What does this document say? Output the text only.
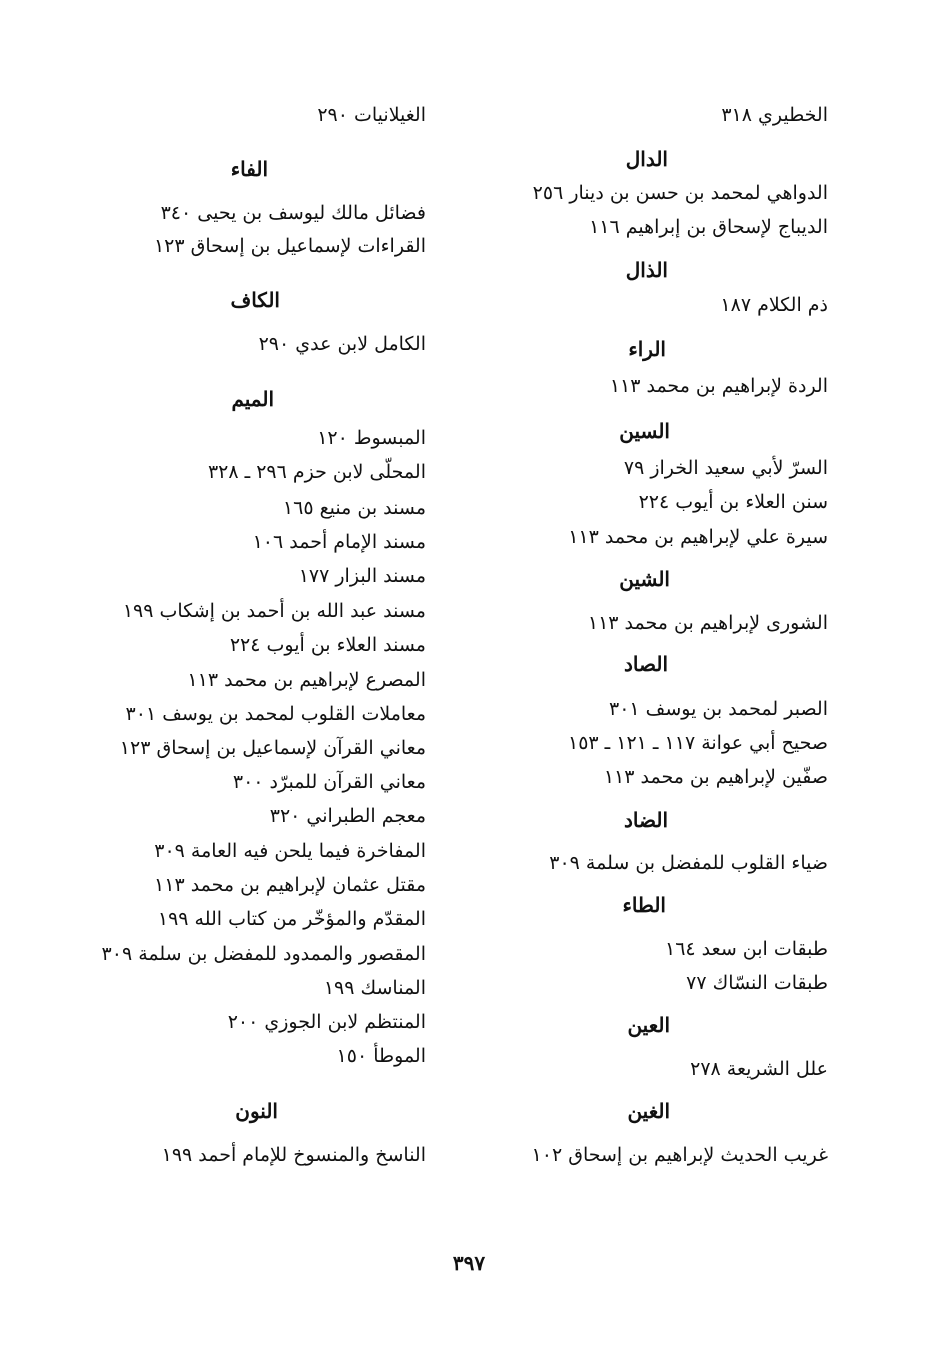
الخطيري ٣١٨
الدال
الدواهي لمحمد بن حسن بن دينار ٢٥٦
الديباج لإسحاق بن إبراهيم ١١٦
الذال
ذم الكلام ١٨٧
الراء
الردة لإبراهيم بن محمد ١١٣
السين
السرّ لأبي سعيد الخراز ٧٩
سنن العلاء بن أيوب ٢٢٤
سيرة علي لإبراهيم بن محمد ١١٣
الشين
الشورى لإبراهيم بن محمد ١١٣
الصاد
الصبر لمحمد بن يوسف ٣٠١
صحيح أبي عوانة ١١٧ ـ ١٢١ ـ ١٥٣
صفّين لإبراهيم بن محمد ١١٣
الضاد
ضياء القلوب للمفضل بن سلمة ٣٠٩
الطاء
طبقات ابن سعد ١٦٤
طبقات النسّاك ٧٧
العين
علل الشريعة ٢٧٨
الغين
غريب الحديث لإبراهيم بن إسحاق ١٠٢
الغيلانيات ٢٩٠
الفاء
فضائل مالك ليوسف بن يحيى ٣٤٠
القراءات لإسماعيل بن إسحاق ١٢٣
الكاف
الكامل لابن عدي ٢٩٠
الميم
المبسوط ١٢٠
المحلّى لابن حزم ٢٩٦ ـ ٣٢٨
مسند بن منيع ١٦٥
مسند الإمام أحمد ١٠٦
مسند البزار ١٧٧
مسند عبد الله بن أحمد بن إشكاب ١٩٩
مسند العلاء بن أيوب ٢٢٤
المصرع لإبراهيم بن محمد ١١٣
معاملات القلوب لمحمد بن يوسف ٣٠١
معاني القرآن لإسماعيل بن إسحاق ١٢٣
معاني القرآن للمبرّد ٣٠٠
معجم الطبراني ٣٢٠
المفاخرة فيما يلحن فيه العامة ٣٠٩
مقتل عثمان لإبراهيم بن محمد ١١٣
المقدّم والمؤخّر من كتاب الله ١٩٩
المقصور والممدود للمفضل بن سلمة ٣٠٩
المناسك ١٩٩
المنتظم لابن الجوزي ٢٠٠
الموطأ ١٥٠
النون
الناسخ والمنسوخ للإمام أحمد ١٩٩
٣٩٧
